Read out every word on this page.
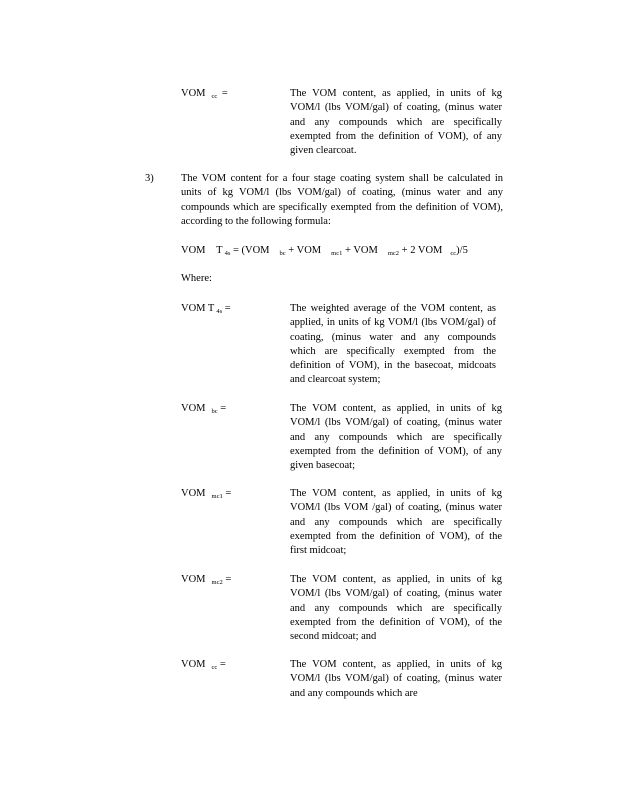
VOM $_{cc}$ =	The VOM content, as applied, in units of kg VOM/l (lbs VOM/gal) of coating, (minus water and any compounds which are specifically exempted from the definition of VOM), of any given clearcoat.
3)	The VOM content for a four stage coating system shall be calculated in units of kg VOM/l (lbs VOM/gal) of coating, (minus water and any compounds which are specifically exempted from the definition of VOM), according to the following formula:
VOM T $_{4s}$ = (VOM $_{bc}$ + VOM $_{mc1}$ + VOM $_{mc2}$ + 2 VOM $_{cc}$)/5
Where:
VOM T $_{4s}$ =	The weighted average of the VOM content, as applied, in units of kg VOM/l (lbs VOM/gal) of coating, (minus water and any compounds which are specifically exempted from the definition of VOM), in the basecoat, midcoats and clearcoat system;
VOM $_{bc}$ =	The VOM content, as applied, in units of kg VOM/l (lbs VOM/gal) of coating, (minus water and any compounds which are specifically exempted from the definition of VOM), of any given basecoat;
VOM $_{mc1}$ =	The VOM content, as applied, in units of kg VOM/l (lbs VOM /gal) of coating, (minus water and any compounds which are specifically exempted from the definition of VOM), of the first midcoat;
VOM $_{mc2}$ =	The VOM content, as applied, in units of kg VOM/l (lbs VOM/gal) of coating, (minus water and any compounds which are specifically exempted from the definition of VOM), of the second midcoat; and
VOM $_{cc}$ =	The VOM content, as applied, in units of kg VOM/l (lbs VOM/gal) of coating, (minus water and any compounds which are
